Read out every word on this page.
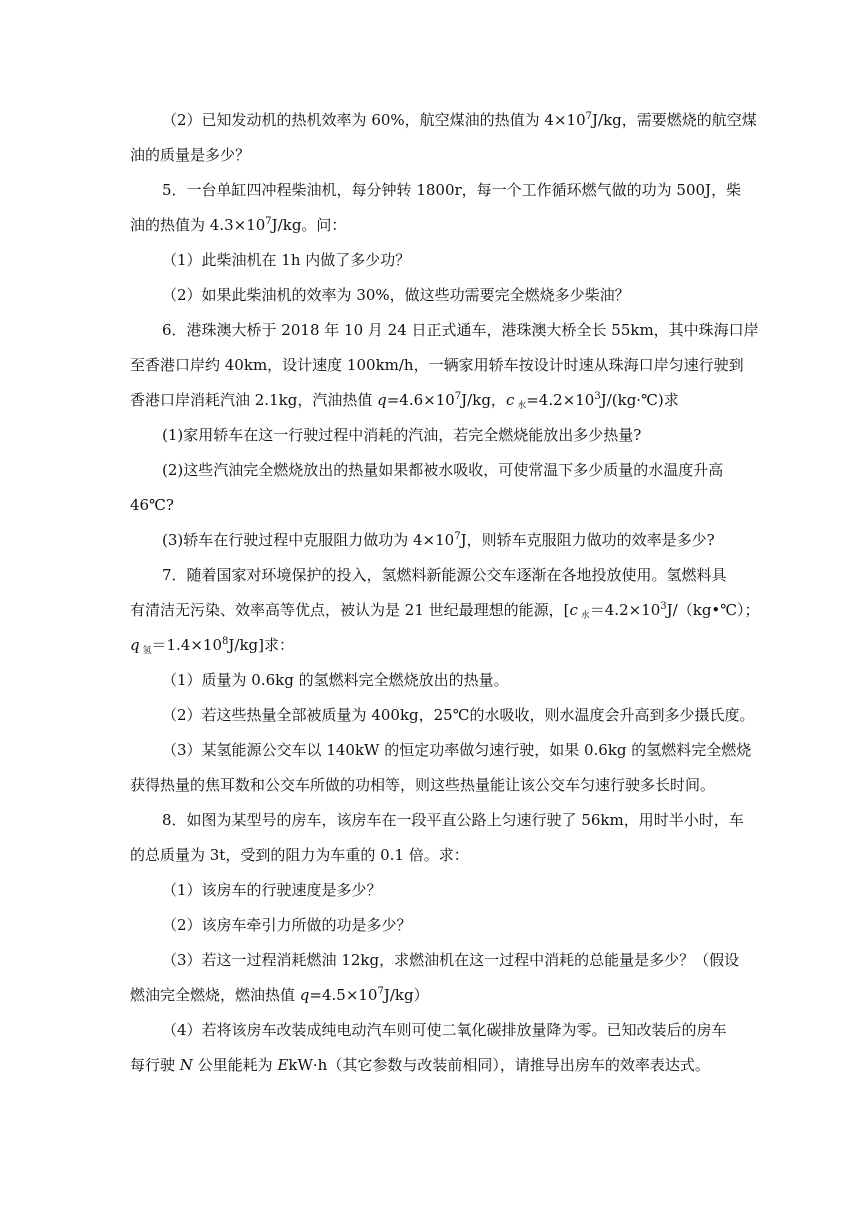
（2）已知发动机的热机效率为 60%，航空煤油的热值为 $4\times 10^7J/kg$，需要燃烧的航空煤
油的质量是多少？
5．一台单缸四冲程柴油机，每分钟转 1800r，每一个工作循环燃气做的功为 500J，柴
油的热值为 $4.3\times 10^7J/kg$。问：
（1）此柴油机在 1h 内做了多少功？
（2）如果此柴油机的效率为 30%，做这些功需要完全燃烧多少柴油？
6．港珠澳大桥于 2018 年 10 月 24 日正式通车，港珠澳大桥全长 55km，其中珠海口岸
至香港口岸约 40km，设计速度 100km/h，一辆家用轿车按设计时速从珠海口岸匀速行驶到
香港口岸消耗汽油 2.1kg，汽油热值 $q=4.6\times 10^7J/kg$，c $_水=4.2\times 10^3J/(kg\cdot℃)$求
(1)家用轿车在这一行驶过程中消耗的汽油，若完全燃烧能放出多少热量?
(2)这些汽油完全燃烧放出的热量如果都被水吸收，可使常温下多少质量的水温度升高
46℃?
(3)轿车在行驶过程中克服阻力做功为 $4\times 10^7J$，则轿车克服阻力做功的效率是多少?
7．随着国家对环境保护的投入，氢燃料新能源公交车逐渐在各地投放使用。氢燃料具
有清洁无污染、效率高等优点，被认为是 21 世纪最理想的能源，[c $_水=4.2\times 10^3J/(kg•℃)$；
q $_氢=1.4\times 10^8J/kg$]求：
（1）质量为 0.6kg 的氢燃料完全燃烧放出的热量。
（2）若这些热量全部被质量为 400kg，25℃的水吸收，则水温度会升高到多少摄氏度。
（3）某氢能源公交车以 140kW 的恒定功率做匀速行驶，如果 0.6kg 的氢燃料完全燃烧
获得热量的焦耳数和公交车所做的功相等，则这些热量能让该公交车匀速行驶多长时间。
8．如图为某型号的房车，该房车在一段平直公路上匀速行驶了 56km，用时半小时，车
的总质量为 3t，受到的阻力为车重的 0.1 倍。求：
（1）该房车的行驶速度是多少？
（2）该房车牵引力所做的功是多少？
（3）若这一过程消耗燃油 12kg，求燃油机在这一过程中消耗的总能量是多少？（假设
燃油完全燃烧，燃油热值 $q=4.5\times 10^7J/kg$）
（4）若将该房车改装成纯电动汽车则可使二氧化碳排放量降为零。已知改装后的房车
每行驶 N 公里能耗为 EkW·h（其它参数与改装前相同），请推导出房车的效率表达式。
